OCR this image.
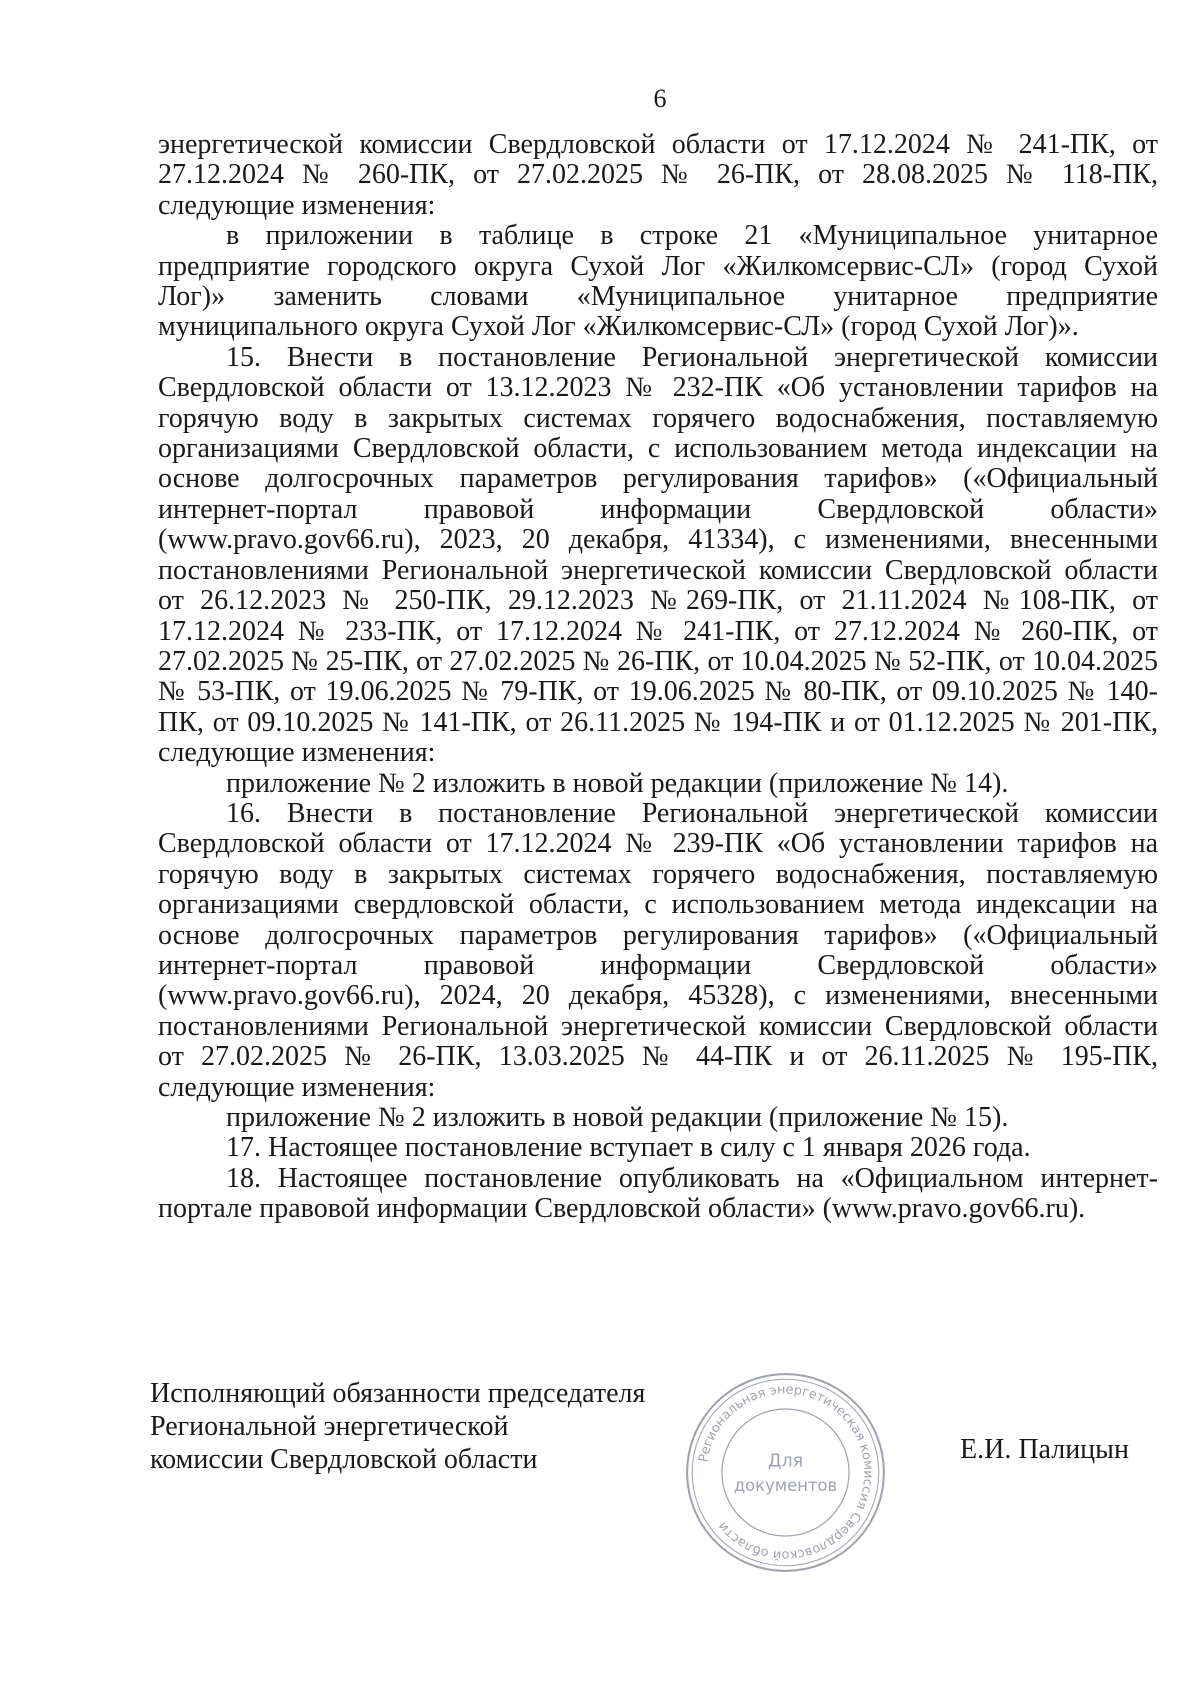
6

энергетической комиссии Свердловской области от 17.12.2024 № 241-ПК, от 27.12.2024 № 260-ПК, от 27.02.2025 № 26-ПК, от 28.08.2025 № 118-ПК, следующие изменения:

в приложении в таблице в строке 21 «Муниципальное унитарное предприятие городского округа Сухой Лог «Жилкомсервис-СЛ» (город Сухой Лог)» заменить словами «Муниципальное унитарное предприятие муниципального округа Сухой Лог «Жилкомсервис-СЛ» (город Сухой Лог)».

15. Внести в постановление Региональной энергетической комиссии Свердловской области от 13.12.2023 № 232-ПК «Об установлении тарифов на горячую воду в закрытых системах горячего водоснабжения, поставляемую организациями Свердловской области, с использованием метода индексации на основе долгосрочных параметров регулирования тарифов» («Официальный интернет-портал правовой информации Свердловской области» (www.pravo.gov66.ru), 2023, 20 декабря, 41334), с изменениями, внесенными постановлениями Региональной энергетической комиссии Свердловской области от 26.12.2023 № 250-ПК, 29.12.2023 №269-ПК, от 21.11.2024 №108-ПК, от 17.12.2024 № 233-ПК, от 17.12.2024 № 241-ПК, от 27.12.2024 № 260-ПК, от 27.02.2025 № 25-ПК, от 27.02.2025 № 26-ПК, от 10.04.2025 № 52-ПК, от 10.04.2025 № 53-ПК, от 19.06.2025 № 79-ПК, от 19.06.2025 № 80-ПК, от 09.10.2025 № 140-ПК, от 09.10.2025 № 141-ПК, от 26.11.2025 № 194-ПК и от 01.12.2025 № 201-ПК, следующие изменения:

приложение № 2 изложить в новой редакции (приложение № 14).

16. Внести в постановление Региональной энергетической комиссии Свердловской области от 17.12.2024 № 239-ПК «Об установлении тарифов на горячую воду в закрытых системах горячего водоснабжения, поставляемую организациями свердловской области, с использованием метода индексации на основе долгосрочных параметров регулирования тарифов» («Официальный интернет-портал правовой информации Свердловской области» (www.pravo.gov66.ru), 2024, 20 декабря, 45328), с изменениями, внесенными постановлениями Региональной энергетической комиссии Свердловской области от 27.02.2025 № 26-ПК, 13.03.2025 № 44-ПК и от 26.11.2025 № 195-ПК, следующие изменения:

приложение № 2 изложить в новой редакции (приложение № 15).

17. Настоящее постановление вступает в силу с 1 января 2026 года.

18. Настоящее постановление опубликовать на «Официальном интернет-портале правовой информации Свердловской области» (www.pravo.gov66.ru).

Исполняющий обязанности председателя
Региональной энергетической
комиссии Свердловской области	Региональная энергетическая комиссия Свердловской области
Для
документов
Е.И. Палицын
